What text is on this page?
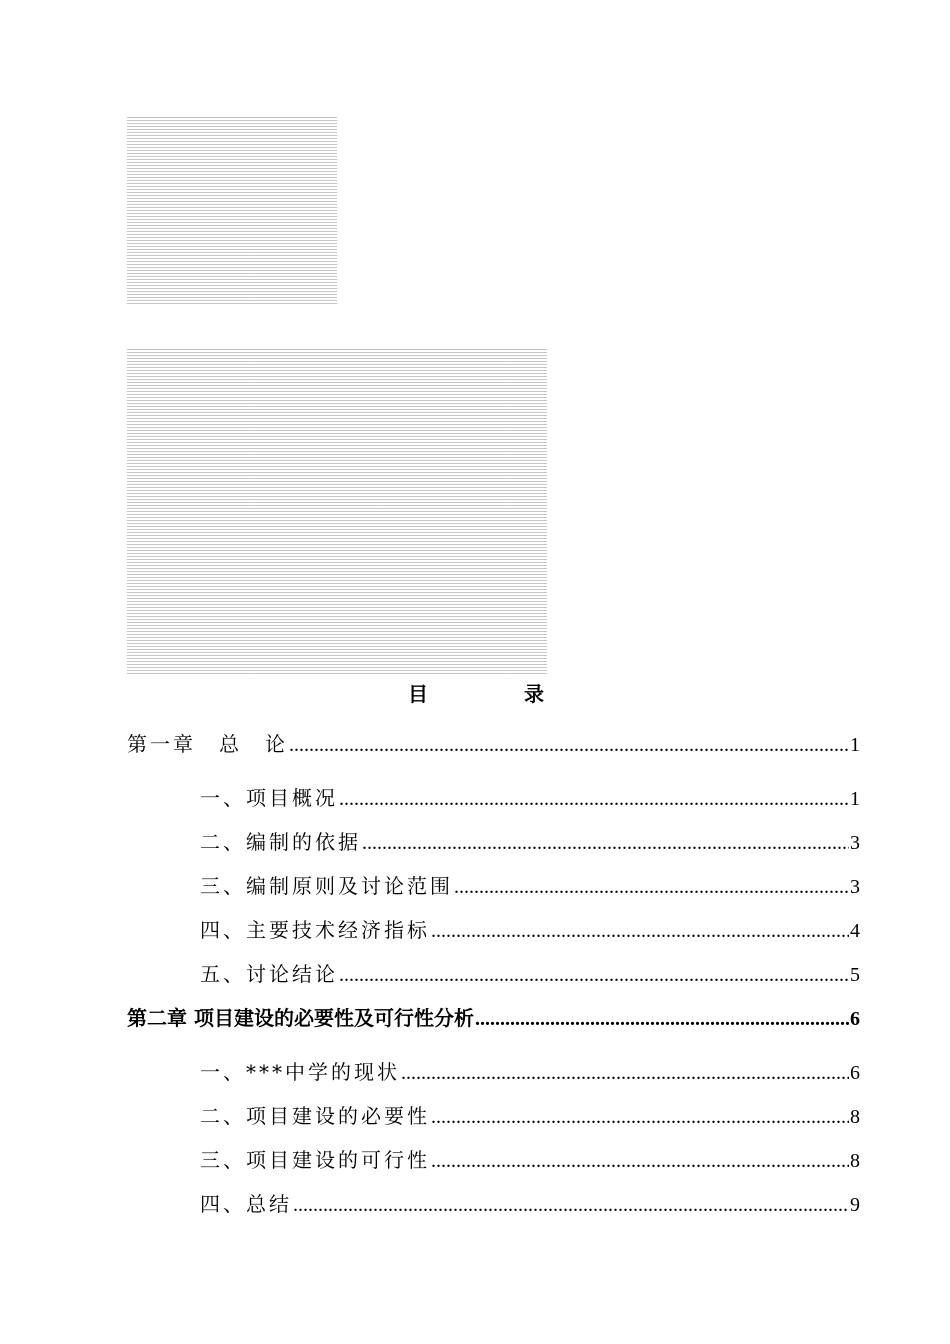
目　录
第一章　总　论 .....	1
一、项目概况 .....	1
二、编制的依据 .....	3
三、编制原则及讨论范围 .....	3
四、主要技术经济指标 .....	4
五、讨论结论 .....	5
第二章 项目建设的必要性及可行性分析 .....	6
一、***中学的现状 .....	6
二、项目建设的必要性 .....	8
三、项目建设的可行性 .....	8
四、总结 .....	9
